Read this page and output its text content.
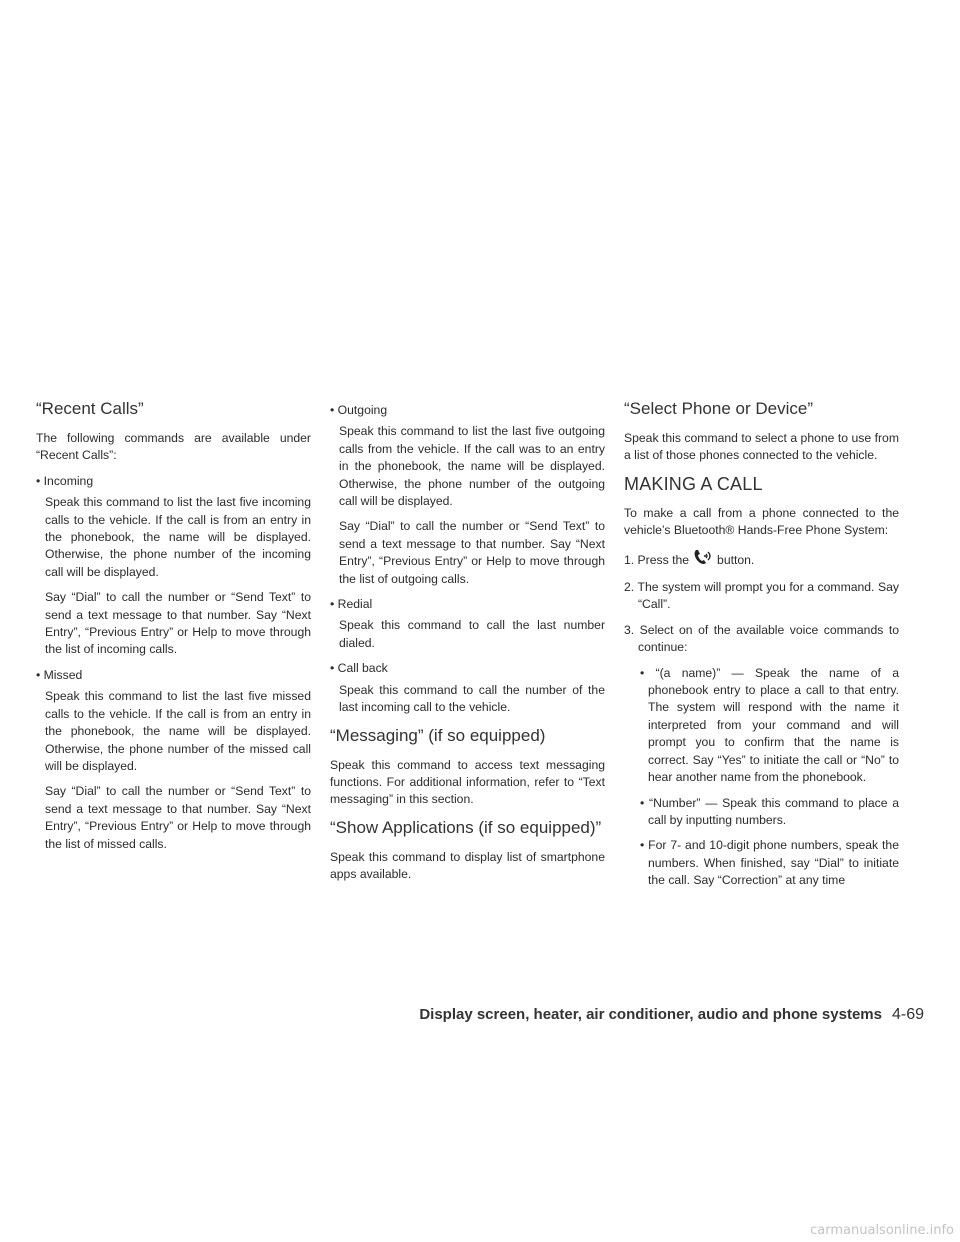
“Recent Calls”

The following commands are available under “Recent Calls”:

• Incoming

Speak this command to list the last five incoming calls to the vehicle. If the call is from an entry in the phonebook, the name will be displayed. Otherwise, the phone number of the incoming call will be displayed.

Say “Dial” to call the number or “Send Text” to send a text message to that number. Say “Next Entry”, “Previous Entry” or Help to move through the list of incoming calls.

• Missed

Speak this command to list the last five missed calls to the vehicle. If the call is from an entry in the phonebook, the name will be displayed. Otherwise, the phone number of the missed call will be displayed.

Say “Dial” to call the number or “Send Text” to send a text message to that number. Say “Next Entry”, “Previous Entry” or Help to move through the list of missed calls.

• Outgoing

Speak this command to list the last five outgoing calls from the vehicle. If the call was to an entry in the phonebook, the name will be displayed. Otherwise, the phone number of the outgoing call will be displayed.

Say “Dial” to call the number or “Send Text” to send a text message to that number. Say “Next Entry”, “Previous Entry” or Help to move through the list of outgoing calls.

• Redial

Speak this command to call the last number dialed.

• Call back

Speak this command to call the number of the last incoming call to the vehicle.

“Messaging” (if so equipped)

Speak this command to access text messaging functions. For additional information, refer to “Text messaging” in this section.

“Show Applications (if so equipped)”

Speak this command to display list of smartphone apps available.

“Select Phone or Device”

Speak this command to select a phone to use from a list of those phones connected to the vehicle.

MAKING A CALL

To make a call from a phone connected to the vehicle’s Bluetooth® Hands-Free Phone System:

1. Press the button.

2. The system will prompt you for a command. Say “Call”.

3. Select on of the available voice commands to continue:

• “(a name)” — Speak the name of a phonebook entry to place a call to that entry. The system will respond with the name it interpreted from your command and will prompt you to confirm that the name is correct. Say “Yes” to initiate the call or “No” to hear another name from the phonebook.

• “Number” — Speak this command to place a call by inputting numbers.

• For 7- and 10-digit phone numbers, speak the numbers. When finished, say “Dial” to initiate the call. Say “Correction” at any time

Display screen, heater, air conditioner, audio and phone systems 4-69
carmanualsonline.info
